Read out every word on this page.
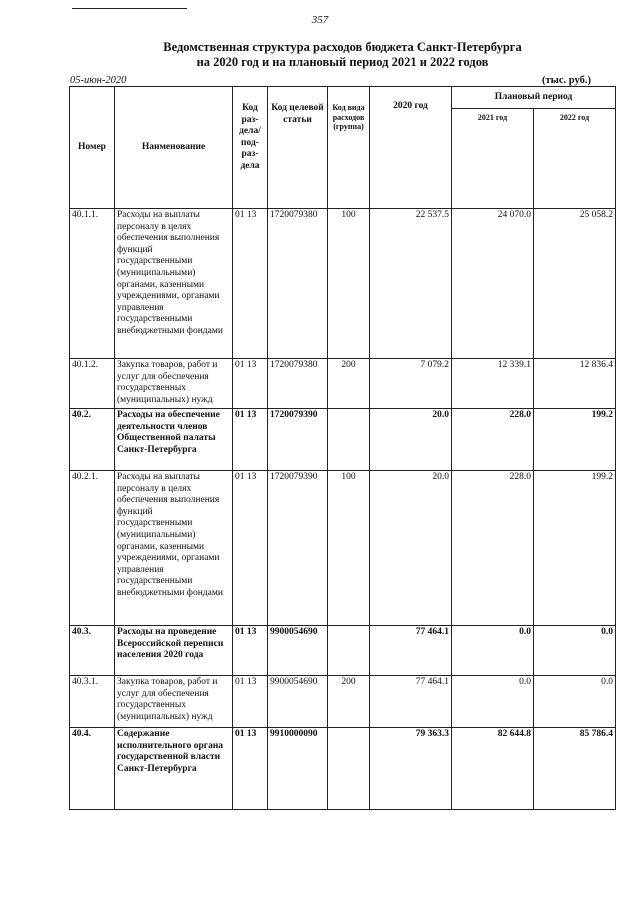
357
Ведомственная структура расходов бюджета Санкт-Петербурга
на 2020 год и на плановый период 2021 и 2022 годов
05-июн-2020	(тыс. руб.)
Номер	Наименование	Код раз- дела/ под- раз- дела	Код целевой статьи	Код вида расходов (группа)	2020 год	Плановый период	
						2021 год	2022 год
40.1.1.	Расходы на выплаты персоналу в целях обеспечения выполнения функций государственными (муниципальными) органами, казенными учреждениями, органами управления государственными внебюджетными фондами	01 13	1720079380	100	22 537.5	24 070.0	25 058.2
40.1.2.	Закупка товаров, работ и услуг для обеспечения государственных (муниципальных) нужд	01 13	1720079380	200	7 079.2	12 339.1	12 836.4
40.2.	Расходы на обеспечение деятельности членов Общественной палаты Санкт-Петербурга	01 13	1720079390		20.0	228.0	199.2
40.2.1.	Расходы на выплаты персоналу в целях обеспечения выполнения функций государственными (муниципальными) органами, казенными учреждениями, органами управления государственными внебюджетными фондами	01 13	1720079390	100	20.0	228.0	199.2
40.3.	Расходы на проведение Всероссийской переписи населения 2020 года	01 13	9900054690		77 464.1	0.0	0.0
40.3.1.	Закупка товаров, работ и услуг для обеспечения государственных (муниципальных) нужд	01 13	9900054690	200	77 464.1	0.0	0.0
40.4.	Содержание исполнительного органа государственной власти Санкт-Петербурга	01 13	9910000090		79 363.3	82 644.8	85 786.4
